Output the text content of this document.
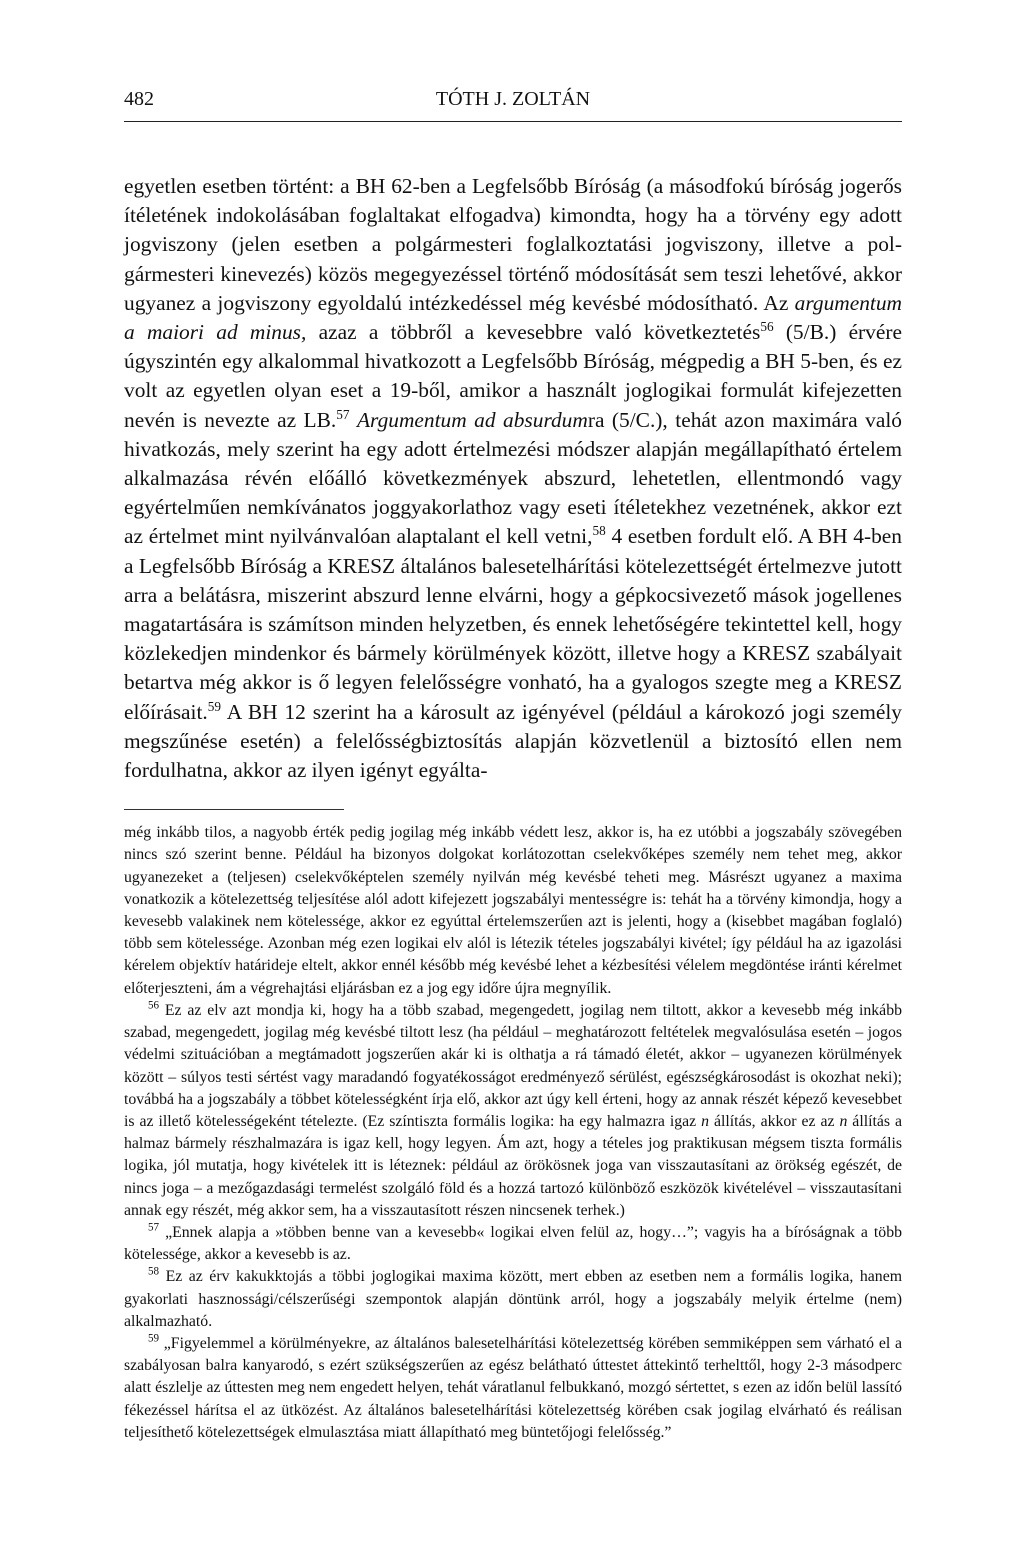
482	TÓTH J. ZOLTÁN
egyetlen esetben történt: a BH 62-ben a Legfelsőbb Bíróság (a másodfokú bíróság jogerős ítéletének indokolásában foglaltakat elfogadva) kimondta, hogy ha a törvény egy adott jogviszony (jelen esetben a polgármesteri foglalkoztatási jogviszony, illetve a polgármesteri kinevezés) közös megegyezéssel történő módosítását sem teszi lehetővé, akkor ugyanez a jogviszony egyoldalú intézkedéssel még kevésbé módosítható. Az argumentum a maiori ad minus, azaz a többről a kevesebbre való következtetés$^{56}$ (5/B.) érvére úgyszintén egy alkalommal hivatkozott a Legfelsőbb Bíróság, mégpedig a BH 5-ben, és ez volt az egyetlen olyan eset a 19-ből, amikor a használt joglogikai formulát kifejezetten nevén is nevezte az LB.$^{57}$ Argumentum ad absurdumra (5/C.), tehát azon maximára való hivatkozás, mely szerint ha egy adott értelmezési módszer alapján megállapítható értelem alkalmazása révén előálló következmények abszurd, lehetetlen, ellentmondó vagy egyértelműen nemkívánatos joggyakorlathoz vagy eseti ítéletekhez vezetnének, akkor ezt az értelmet mint nyilvánvalóan alaptalant el kell vetni,$^{58}$ 4 esetben fordult elő. A BH 4-ben a Legfelsőbb Bíróság a KRESZ általános balesetelhárítási kötelezettségét értelmezve jutott arra a belátásra, miszerint abszurd lenne elvárni, hogy a gépkocsivezető mások jogellenes magatartására is számítson minden helyzetben, és ennek lehetőségére tekintettel kell, hogy közlekedjen mindenkor és bármely körülmények között, illetve hogy a KRESZ szabályait betartva még akkor is ő legyen felelősségre vonható, ha a gyalogos szegte meg a KRESZ előírásait.$^{59}$ A BH 12 szerint ha a károsult az igényével (például a károkozó jogi személy megszűnése esetén) a felelősségbiztosítás alapján közvetlenül a biztosító ellen nem fordulhatna, akkor az ilyen igényt egyálta-

még inkább tilos, a nagyobb érték pedig jogilag még inkább védett lesz, akkor is, ha ez utóbbi a jogszabály szövegében nincs szó szerint benne. Például ha bizonyos dolgokat korlátozottan cselekvőképes személy nem tehet meg, akkor ugyanezeket a (teljesen) cselekvőképtelen személy nyilván még kevésbé teheti meg. Másrészt ugyanez a maxima vonatkozik a kötelezettség teljesítése alól adott kifejezett jogszabályi mentességre is: tehát ha a törvény kimondja, hogy a kevesebb valakinek nem kötelessége, akkor ez egyúttal értelemszerűen azt is jelenti, hogy a (kisebbet magában foglaló) több sem kötelessége. Azonban még ezen logikai elv alól is létezik tételes jogszabályi kivétel; így például ha az igazolási kérelem objektív határideje eltelt, akkor ennél később még kevésbé lehet a kézbesítési vélelem megdöntése iránti kérelmet előterjeszteni, ám a végrehajtási eljárásban ez a jog egy időre újra megnyílik.

$^{56}$ Ez az elv azt mondja ki, hogy ha a több szabad, megengedett, jogilag nem tiltott, akkor a kevesebb még inkább szabad, megengedett, jogilag még kevésbé tiltott lesz (ha például – meghatározott feltételek megvalósulása esetén – jogos védelmi szituációban a megtámadott jogszerűen akár ki is olthatja a rá támadó életét, akkor – ugyanezen körülmények között – súlyos testi sértést vagy maradandó fogyatékosságot eredményező sérülést, egészségkárosodást is okozhat neki); továbbá ha a jogszabály a többet kötelességként írja elő, akkor azt úgy kell érteni, hogy az annak részét képező kevesebbet is az illető kötelességeként tételezte. (Ez színtiszta formális logika: ha egy halmazra igaz n állítás, akkor ez az n állítás a halmaz bármely részhalmazára is igaz kell, hogy legyen. Ám azt, hogy a tételes jog praktikusan mégsem tiszta formális logika, jól mutatja, hogy kivételek itt is léteznek: például az örökösnek joga van visszautasítani az örökség egészét, de nincs joga – a mezőgazdasági termelést szolgáló föld és a hozzá tartozó különböző eszközök kivételével – visszautasítani annak egy részét, még akkor sem, ha a visszautasított részen nincsenek terhek.)

$^{57}$ „Ennek alapja a »többen benne van a kevesebb« logikai elven felül az, hogy…”; vagyis ha a bíróságnak a több kötelessége, akkor a kevesebb is az.

$^{58}$ Ez az érv kakukktojás a többi joglogikai maxima között, mert ebben az esetben nem a formális logika, hanem gyakorlati hasznossági/célszerűségi szempontok alapján döntünk arról, hogy a jogszabály melyik értelme (nem) alkalmazható.

$^{59}$ „Figyelemmel a körülményekre, az általános balesetelhárítási kötelezettség körében semmiképpen sem várható el a szabályosan balra kanyarodó, s ezért szükségszerűen az egész belátható úttestet áttekintő terhelttől, hogy 2-3 másodperc alatt észlelje az úttesten meg nem engedett helyen, tehát váratlanul felbukkanó, mozgó sértettet, s ezen az időn belül lassító fékezéssel hárítsa el az ütközést. Az általános balesetelhárítási kötelezettség körében csak jogilag elvárható és reálisan teljesíthető kötelezettségek elmulasztása miatt állapítható meg büntetőjogi felelősség.”
